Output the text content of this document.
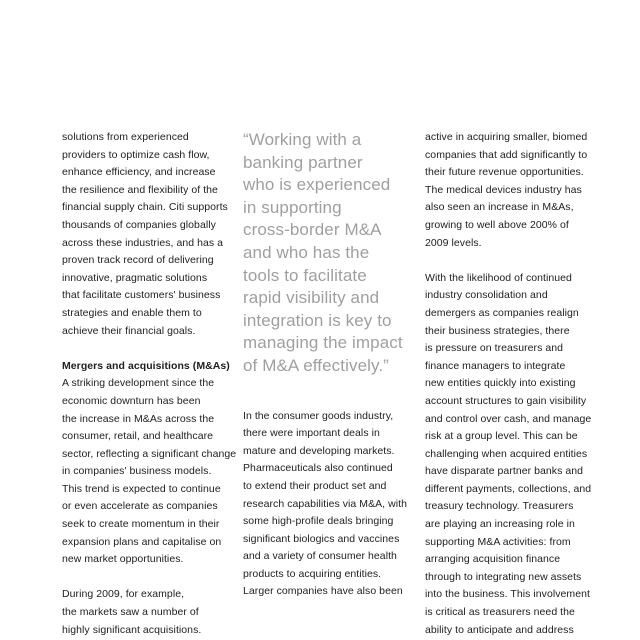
solutions from experienced
providers to optimize cash flow,
enhance efficiency, and increase
the resilience and flexibility of the
financial supply chain. Citi supports
thousands of companies globally
across these industries, and has a
proven track record of delivering
innovative, pragmatic solutions
that facilitate customers' business
strategies and enable them to
achieve their financial goals.

Mergers and acquisitions (M&As)

A striking development since the
economic downturn has been
the increase in M&As across the
consumer, retail, and healthcare
sector, reflecting a significant change
in companies' business models.
This trend is expected to continue
or even accelerate as companies
seek to create momentum in their
expansion plans and capitalise on
new market opportunities.

During 2009, for example,
the markets saw a number of
highly significant acquisitions.

“Working with a
banking partner
who is experienced
in supporting
cross-border M&A
and who has the
tools to facilitate
rapid visibility and
integration is key to
managing the impact
of M&A effectively.”

In the consumer goods industry,
there were important deals in
mature and developing markets.
Pharmaceuticals also continued
to extend their product set and
research capabilities via M&A, with
some high-profile deals bringing
significant biologics and vaccines
and a variety of consumer health
products to acquiring entities.
Larger companies have also been

active in acquiring smaller, biomed
companies that add significantly to
their future revenue opportunities.
The medical devices industry has
also seen an increase in M&As,
growing to well above 200% of
2009 levels.

With the likelihood of continued
industry consolidation and
demergers as companies realign
their business strategies, there
is pressure on treasurers and
finance managers to integrate
new entities quickly into existing
account structures to gain visibility
and control over cash, and manage
risk at a group level. This can be
challenging when acquired entities
have disparate partner banks and
different payments, collections, and
treasury technology. Treasurers
are playing an increasing role in
supporting M&A activities: from
arranging acquisition finance
through to integrating new assets
into the business. This involvement
is critical as treasurers need the
ability to anticipate and address
